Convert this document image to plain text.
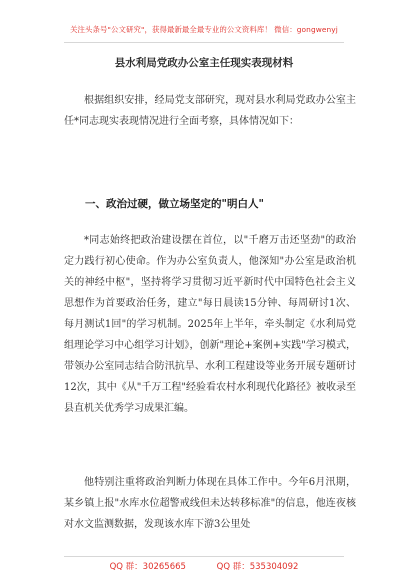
关注头条号"公文研究"，获得最新最全最专业的公文资料库！ 微信：gongwenyj
县水利局党政办公室主任现实表现材料

根据组织安排，经局党支部研究，现对县水利局党政办公室主任*同志现实表现情况进行全面考察，具体情况如下：

一、政治过硬，做立场坚定的"明白人"

*同志始终把政治建设摆在首位，以"千磨万击还坚劲"的政治定力践行初心使命。作为办公室负责人，他深知"办公室是政治机关的神经中枢"，坚持将学习贯彻习近平新时代中国特色社会主义思想作为首要政治任务，建立"每日晨读15分钟、每周研讨1次、每月测试1回"的学习机制。2025年上半年，牵头制定《水利局党组理论学习中心组学习计划》，创新"理论+案例+实践"学习模式，带领办公室同志结合防汛抗旱、水利工程建设等业务开展专题研讨12次，其中《从"千万工程"经验看农村水利现代化路径》被收录至县直机关优秀学习成果汇编。

他特别注重将政治判断力体现在具体工作中。今年6月汛期，某乡镇上报"水库水位超警戒线但未达转移标准"的信息，他连夜核对水文监测数据，发现该水库下游3公里处

QQ 群：30265665	QQ 群：535304092
